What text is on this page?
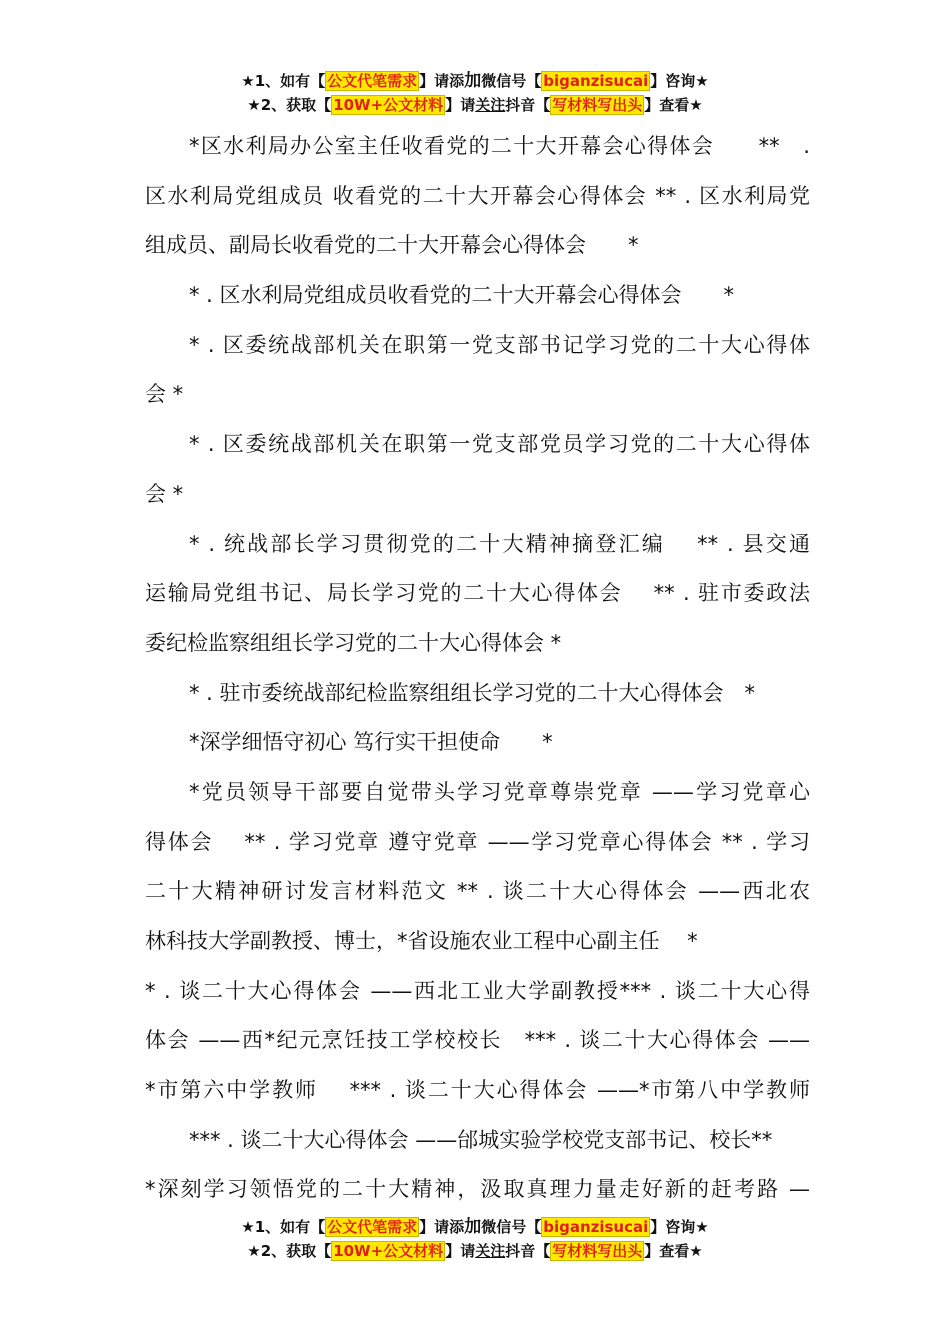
★1、如有【 公文代笔需求 】请添加微信号【 biganzisucai 】咨询★
★2、获取【 10W+公文材料 】请关注抖音【 写材料写出头 】查看★
*区水利局办公室主任收看党的二十大开幕会心得体会　　**　.
区水利局党组成员 收看党的二十大开幕会心得体会 ** . 区水利局党
组成员、副局长收看党的二十大开幕会心得体会　　*
* . 区水利局党组成员收看党的二十大开幕会心得体会　　*
* . 区委统战部机关在职第一党支部书记学习党的二十大心得体
会 *
* . 区委统战部机关在职第一党支部党员学习党的二十大心得体
会 *
* . 统战部长学习贯彻党的二十大精神摘登汇编　 ** . 县交通
运输局党组书记、局长学习党的二十大心得体会　 ** . 驻市委政法
委纪检监察组组长学习党的二十大心得体会 *
* . 驻市委统战部纪检监察组组长学习党的二十大心得体会　*
*深学细悟守初心 笃行实干担使命　　*
*党员领导干部要自觉带头学习党章尊崇党章 ——学习党章心
得体会　 ** . 学习党章 遵守党章 ——学习党章心得体会 ** . 学习
二十大精神研讨发言材料范文 ** . 谈二十大心得体会 ——西北农
林科技大学副教授、博士，*省设施农业工程中心副主任　 *
* . 谈二十大心得体会 ——西北工业大学副教授*** . 谈二十大心得
体会 ——西*纪元烹饪技工学校校长　*** . 谈二十大心得体会 ——
*市第六中学教师　 *** . 谈二十大心得体会 ——*市第八中学教师
*** . 谈二十大心得体会 ——邰城实验学校党支部书记、校长**
*深刻学习领悟党的二十大精神，汲取真理力量走好新的赶考路 —
★1、如有【 公文代笔需求 】请添加微信号【 biganzisucai 】咨询★
★2、获取【 10W+公文材料 】请关注抖音【 写材料写出头 】查看★
